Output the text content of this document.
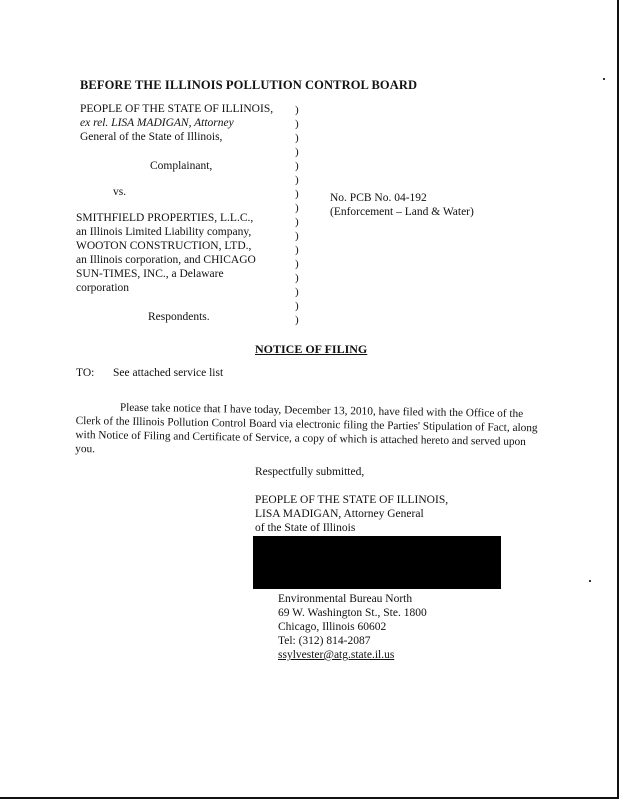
BEFORE THE ILLINOIS POLLUTION CONTROL BOARD
PEOPLE OF THE STATE OF ILLINOIS,
ex rel. LISA MADIGAN, Attorney
General of the State of Illinois,
Complainant,
vs.
SMITHFIELD PROPERTIES, L.L.C.,
an Illinois Limited Liability company,
WOOTON CONSTRUCTION, LTD.,
an Illinois corporation, and CHICAGO
SUN-TIMES, INC., a Delaware
corporation
Respondents.
)
)
)
)
)
)
)
)
)
)
)
)
)
)
)
)
No. PCB No. 04-192
(Enforcement – Land & Water)
NOTICE OF FILING
TO: See attached service list
Please take notice that I have today, December 13, 2010, have filed with the Office of the Clerk of the Illinois Pollution Control Board via electronic filing the Parties' Stipulation of Fact, along with Notice of Filing and Certificate of Service, a copy of which is attached hereto and served upon you.
Respectfully submitted,
PEOPLE OF THE STATE OF ILLINOIS,
LISA MADIGAN, Attorney General
of the State of Illinois
Environmental Bureau North
69 W. Washington St., Ste. 1800
Chicago, Illinois 60602
Tel: (312) 814-2087
ssylvester@atg.state.il.us
